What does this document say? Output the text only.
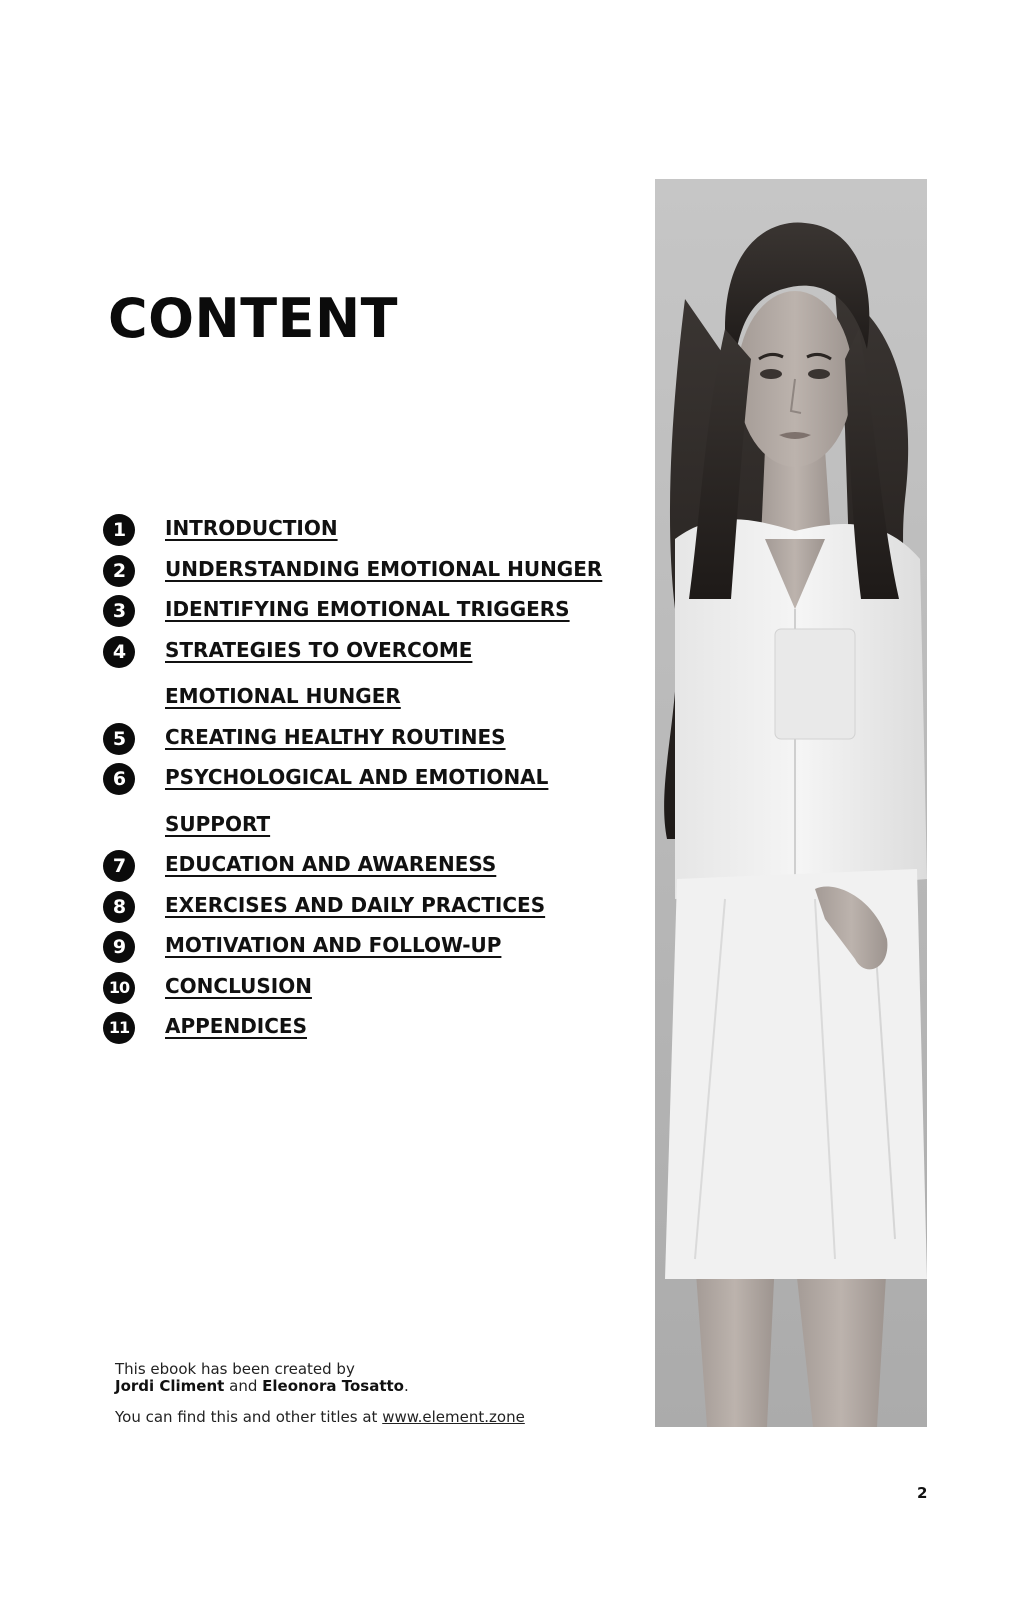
CONTENT
1	INTRODUCTION
2	UNDERSTANDING EMOTIONAL HUNGER
3	IDENTIFYING EMOTIONAL TRIGGERS
4	STRATEGIES TO OVERCOME EMOTIONAL HUNGER
5	CREATING HEALTHY ROUTINES
6	PSYCHOLOGICAL AND EMOTIONAL SUPPORT
7	EDUCATION AND AWARENESS
8	EXERCISES AND DAILY PRACTICES
9	MOTIVATION AND FOLLOW-UP
10 CONCLUSION
11 APPENDICES

This ebook has been created by

Jordi Climent and Eleonora Tosatto.

You can find this and other titles at www.element.zone

2
